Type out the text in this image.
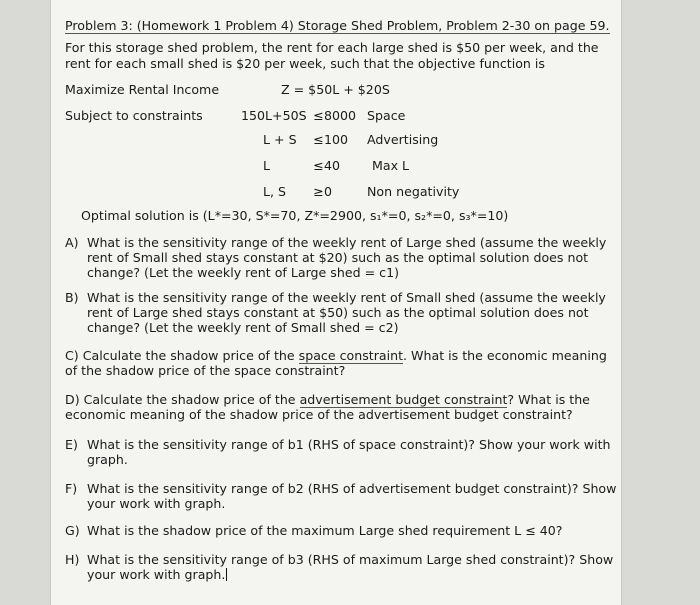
Problem 3: (Homework 1 Problem 4) Storage Shed Problem, Problem 2-30 on page 59.
For this storage shed problem, the rent for each large shed is $50 per week, and the
rent for each small shed is $20 per week, such that the objective function is
Maximize Rental Income	Z = $50L + $20S
Subject to constraints	150L+50S ≤ 8000 Space
L + S ≤ 100 Advertising
L	≤ 40	Max L
L, S ≥ 0	Non negativity
Optimal solution is (L*=30, S*=70, Z*=2900, s₁*=0, s₂*=0, s₃*=10)
A) What is the sensitivity range of the weekly rent of Large shed (assume the weekly
rent of Small shed stays constant at $20) such as the optimal solution does not
change? (Let the weekly rent of Large shed = c1)
B) What is the sensitivity range of the weekly rent of Small shed (assume the weekly
rent of Large shed stays constant at $50) such as the optimal solution does not
change? (Let the weekly rent of Small shed = c2)
C) Calculate the shadow price of the space constraint. What is the economic meaning
of the shadow price of the space constraint?
D) Calculate the shadow price of the advertisement budget constraint? What is the
economic meaning of the shadow price of the advertisement budget constraint?
E) What is the sensitivity range of b1 (RHS of space constraint)? Show your work with
graph.
F) What is the sensitivity range of b2 (RHS of advertisement budget constraint)? Show
your work with graph.
G) What is the shadow price of the maximum Large shed requirement L ≤ 40?
H) What is the sensitivity range of b3 (RHS of maximum Large shed constraint)? Show
your work with graph.
